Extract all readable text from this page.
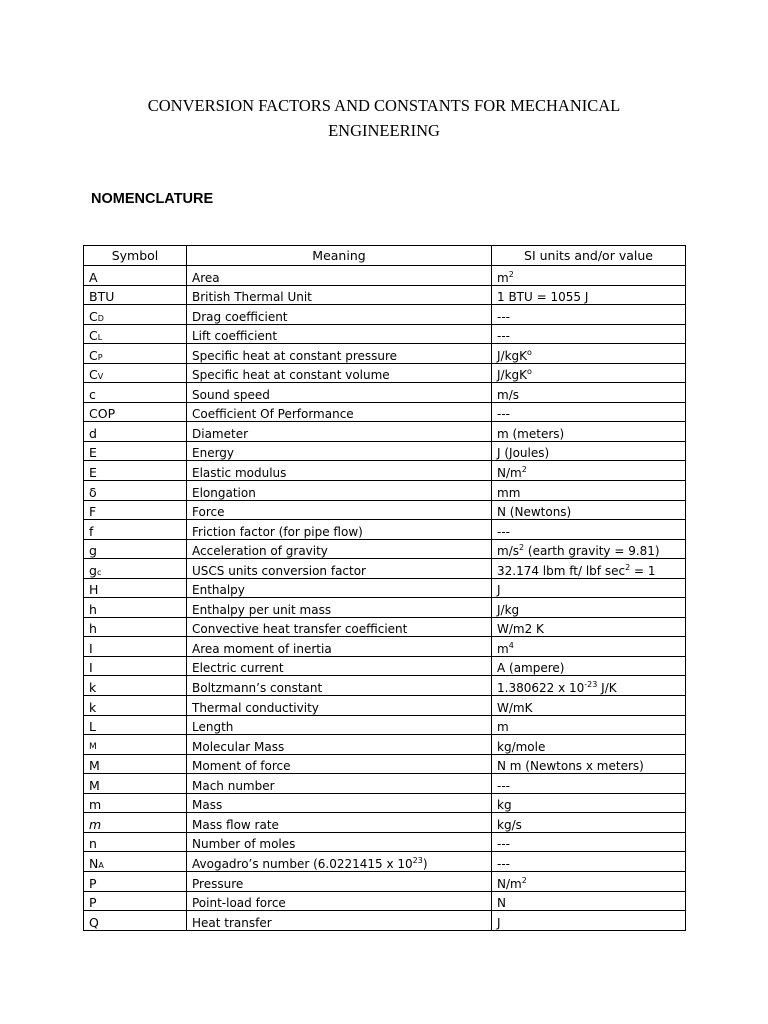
CONVERSION FACTORS AND CONSTANTS FOR MECHANICAL
ENGINEERING
NOMENCLATURE
Symbol	Meaning	SI units and/or value
A	Area	$m^2$
BTU	British Thermal Unit	1 BTU = 1055 J
CD	Drag coefficient	---
CL	Lift coefficient	---
CP	Specific heat at constant pressure	J/kgK$^o$
CV	Specific heat at constant volume	J/kgK$^o$
c	Sound speed	m/s
COP	Coefficient Of Performance	---
d	Diameter	m (meters)
E	Energy	J (Joules)
E	Elastic modulus	$N/m^2$
δ	Elongation	mm
F	Force	N (Newtons)
f	Friction factor (for pipe flow)	---
g	Acceleration of gravity	$m/s^2$ (earth gravity = 9.81)
gc	USCS units conversion factor	32.174 lbm ft/ lbf $\sec^2 = 1$
H	Enthalpy	J
h	Enthalpy per unit mass	J/kg
h	Convective heat transfer coefficient	W/m2 K
I	Area moment of inertia	$m^4$
I	Electric current	A (ampere)
k	Boltzmann’s constant	1.380622 x $10^{-23}$ J/K
k	Thermal conductivity	W/mK
L	Length	m
M	Molecular Mass	kg/mole
M	Moment of force	N m (Newtons x meters)
M	Mach number	---
m	Mass	kg
m	Mass flow rate	kg/s
n	Number of moles	---
NA	Avogadro’s number (6.0221415 x $10^{23}$)	---
P	Pressure	$N/m^2$
P	Point-load force	N
Q	Heat transfer	J
